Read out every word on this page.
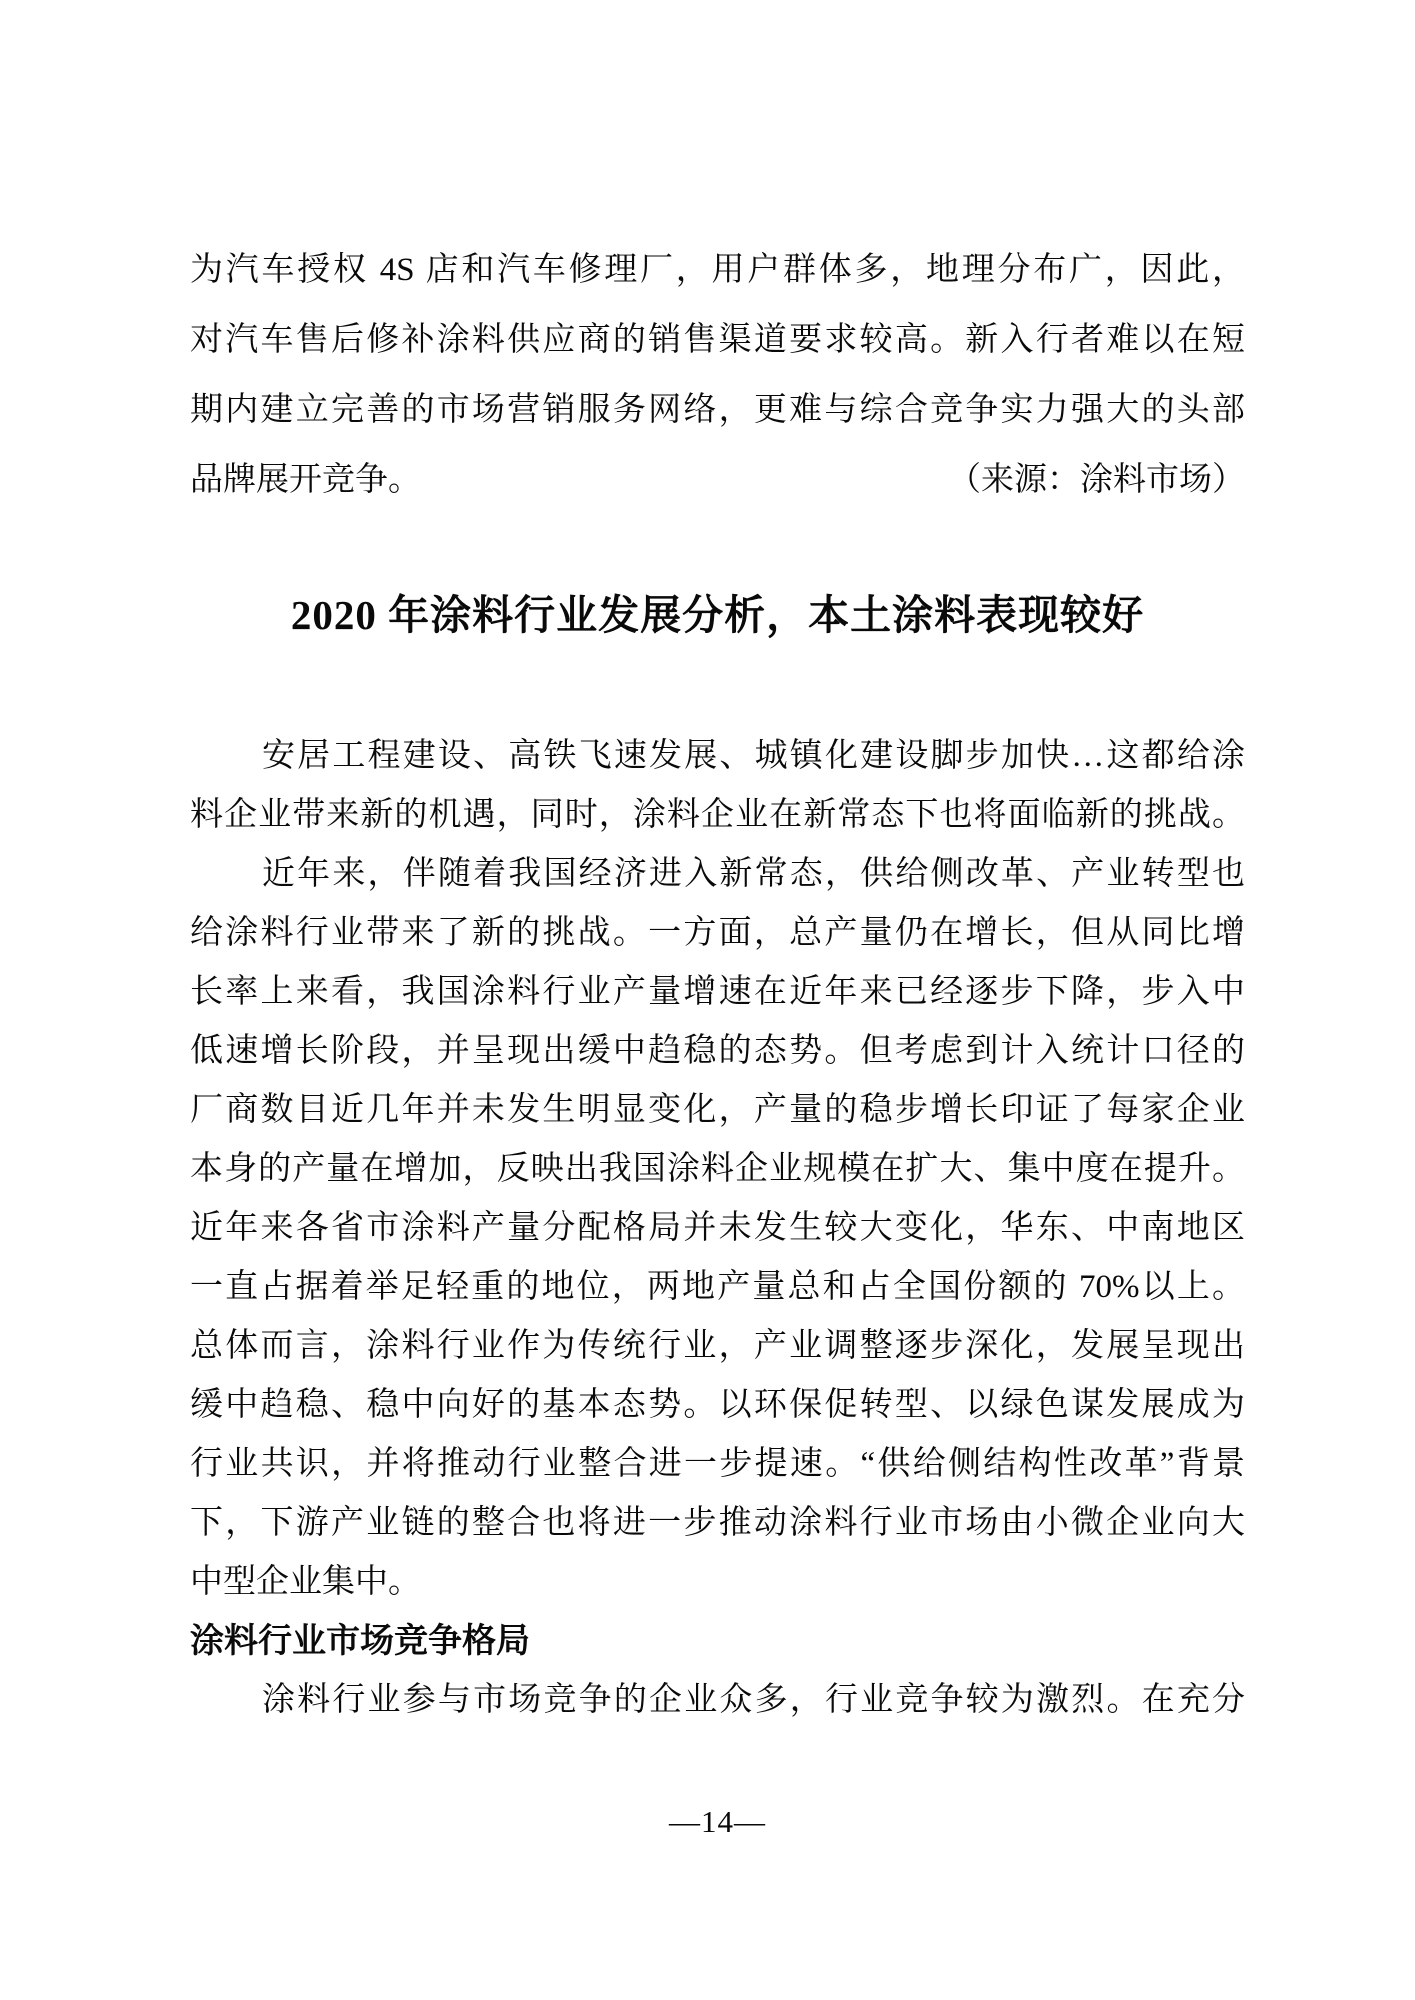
为汽车授权 4S 店和汽车修理厂，用户群体多，地理分布广，因此，
对汽车售后修补涂料供应商的销售渠道要求较高。新入行者难以在短
期内建立完善的市场营销服务网络，更难与综合竞争实力强大的头部
品牌展开竞争。	（来源：涂料市场）
2020 年涂料行业发展分析，本土涂料表现较好
安居工程建设、高铁飞速发展、城镇化建设脚步加快…这都给涂
料企业带来新的机遇，同时，涂料企业在新常态下也将面临新的挑战。
近年来，伴随着我国经济进入新常态，供给侧改革、产业转型也
给涂料行业带来了新的挑战。一方面，总产量仍在增长，但从同比增
长率上来看，我国涂料行业产量增速在近年来已经逐步下降，步入中
低速增长阶段，并呈现出缓中趋稳的态势。但考虑到计入统计口径的
厂商数目近几年并未发生明显变化，产量的稳步增长印证了每家企业
本身的产量在增加，反映出我国涂料企业规模在扩大、集中度在提升。
近年来各省市涂料产量分配格局并未发生较大变化，华东、中南地区
一直占据着举足轻重的地位，两地产量总和占全国份额的 70%以上。
总体而言，涂料行业作为传统行业，产业调整逐步深化，发展呈现出
缓中趋稳、稳中向好的基本态势。以环保促转型、以绿色谋发展成为
行业共识，并将推动行业整合进一步提速。“供给侧结构性改革”背景
下，下游产业链的整合也将进一步推动涂料行业市场由小微企业向大
中型企业集中。
涂料行业市场竞争格局
涂料行业参与市场竞争的企业众多，行业竞争较为激烈。在充分
—14—
